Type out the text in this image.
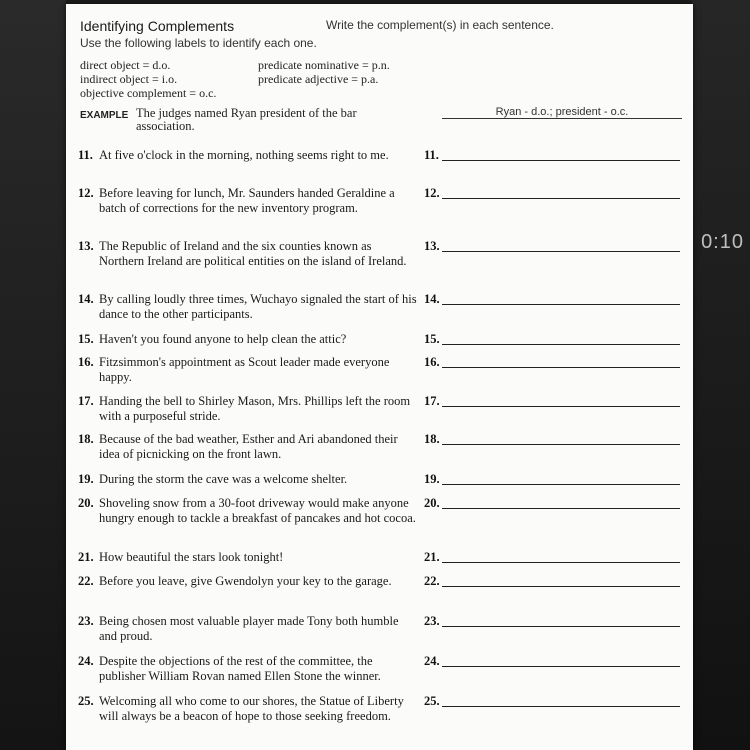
0:10
Identifying Complements	Write the complement(s) in each sentence.
Use the following labels to identify each one.
direct object = d.o.	predicate nominative = p.n.
indirect object = i.o.	predicate adjective = p.a.
objective complement = o.c.
EXAMPLE The judges named Ryan president of the bar association.
Ryan - d.o.; president - o.c.
11. At five o'clock in the morning, nothing seems right to me.	11.
12. Before leaving for lunch, Mr. Saunders handed Geraldine a batch of corrections for the new inventory program.
12.
13. The Republic of Ireland and the six counties known as Northern Ireland are political entities on the island of Ireland.
13.
14. By calling loudly three times, Wuchayo signaled the start of his dance to the other participants.
14.
15. Haven't you found anyone to help clean the attic?	15.
16. Fitzsimmon's appointment as Scout leader made everyone happy.
16.
17. Handing the bell to Shirley Mason, Mrs. Phillips left the room with a purposeful stride.
17.
18. Because of the bad weather, Esther and Ari abandoned their idea of picnicking on the front lawn.
18.
19. During the storm the cave was a welcome shelter.	19.
20. Shoveling snow from a 30-foot driveway would make anyone hungry enough to tackle a breakfast of pancakes and hot cocoa.
20.
21. How beautiful the stars look tonight!	21.
22. Before you leave, give Gwendolyn your key to the garage.	22.
23. Being chosen most valuable player made Tony both humble and proud.
23.
24. Despite the objections of the rest of the committee, the publisher William Rovan named Ellen Stone the winner.
24.
25. Welcoming all who come to our shores, the Statue of Liberty will always be a beacon of hope to those seeking freedom.
25.
